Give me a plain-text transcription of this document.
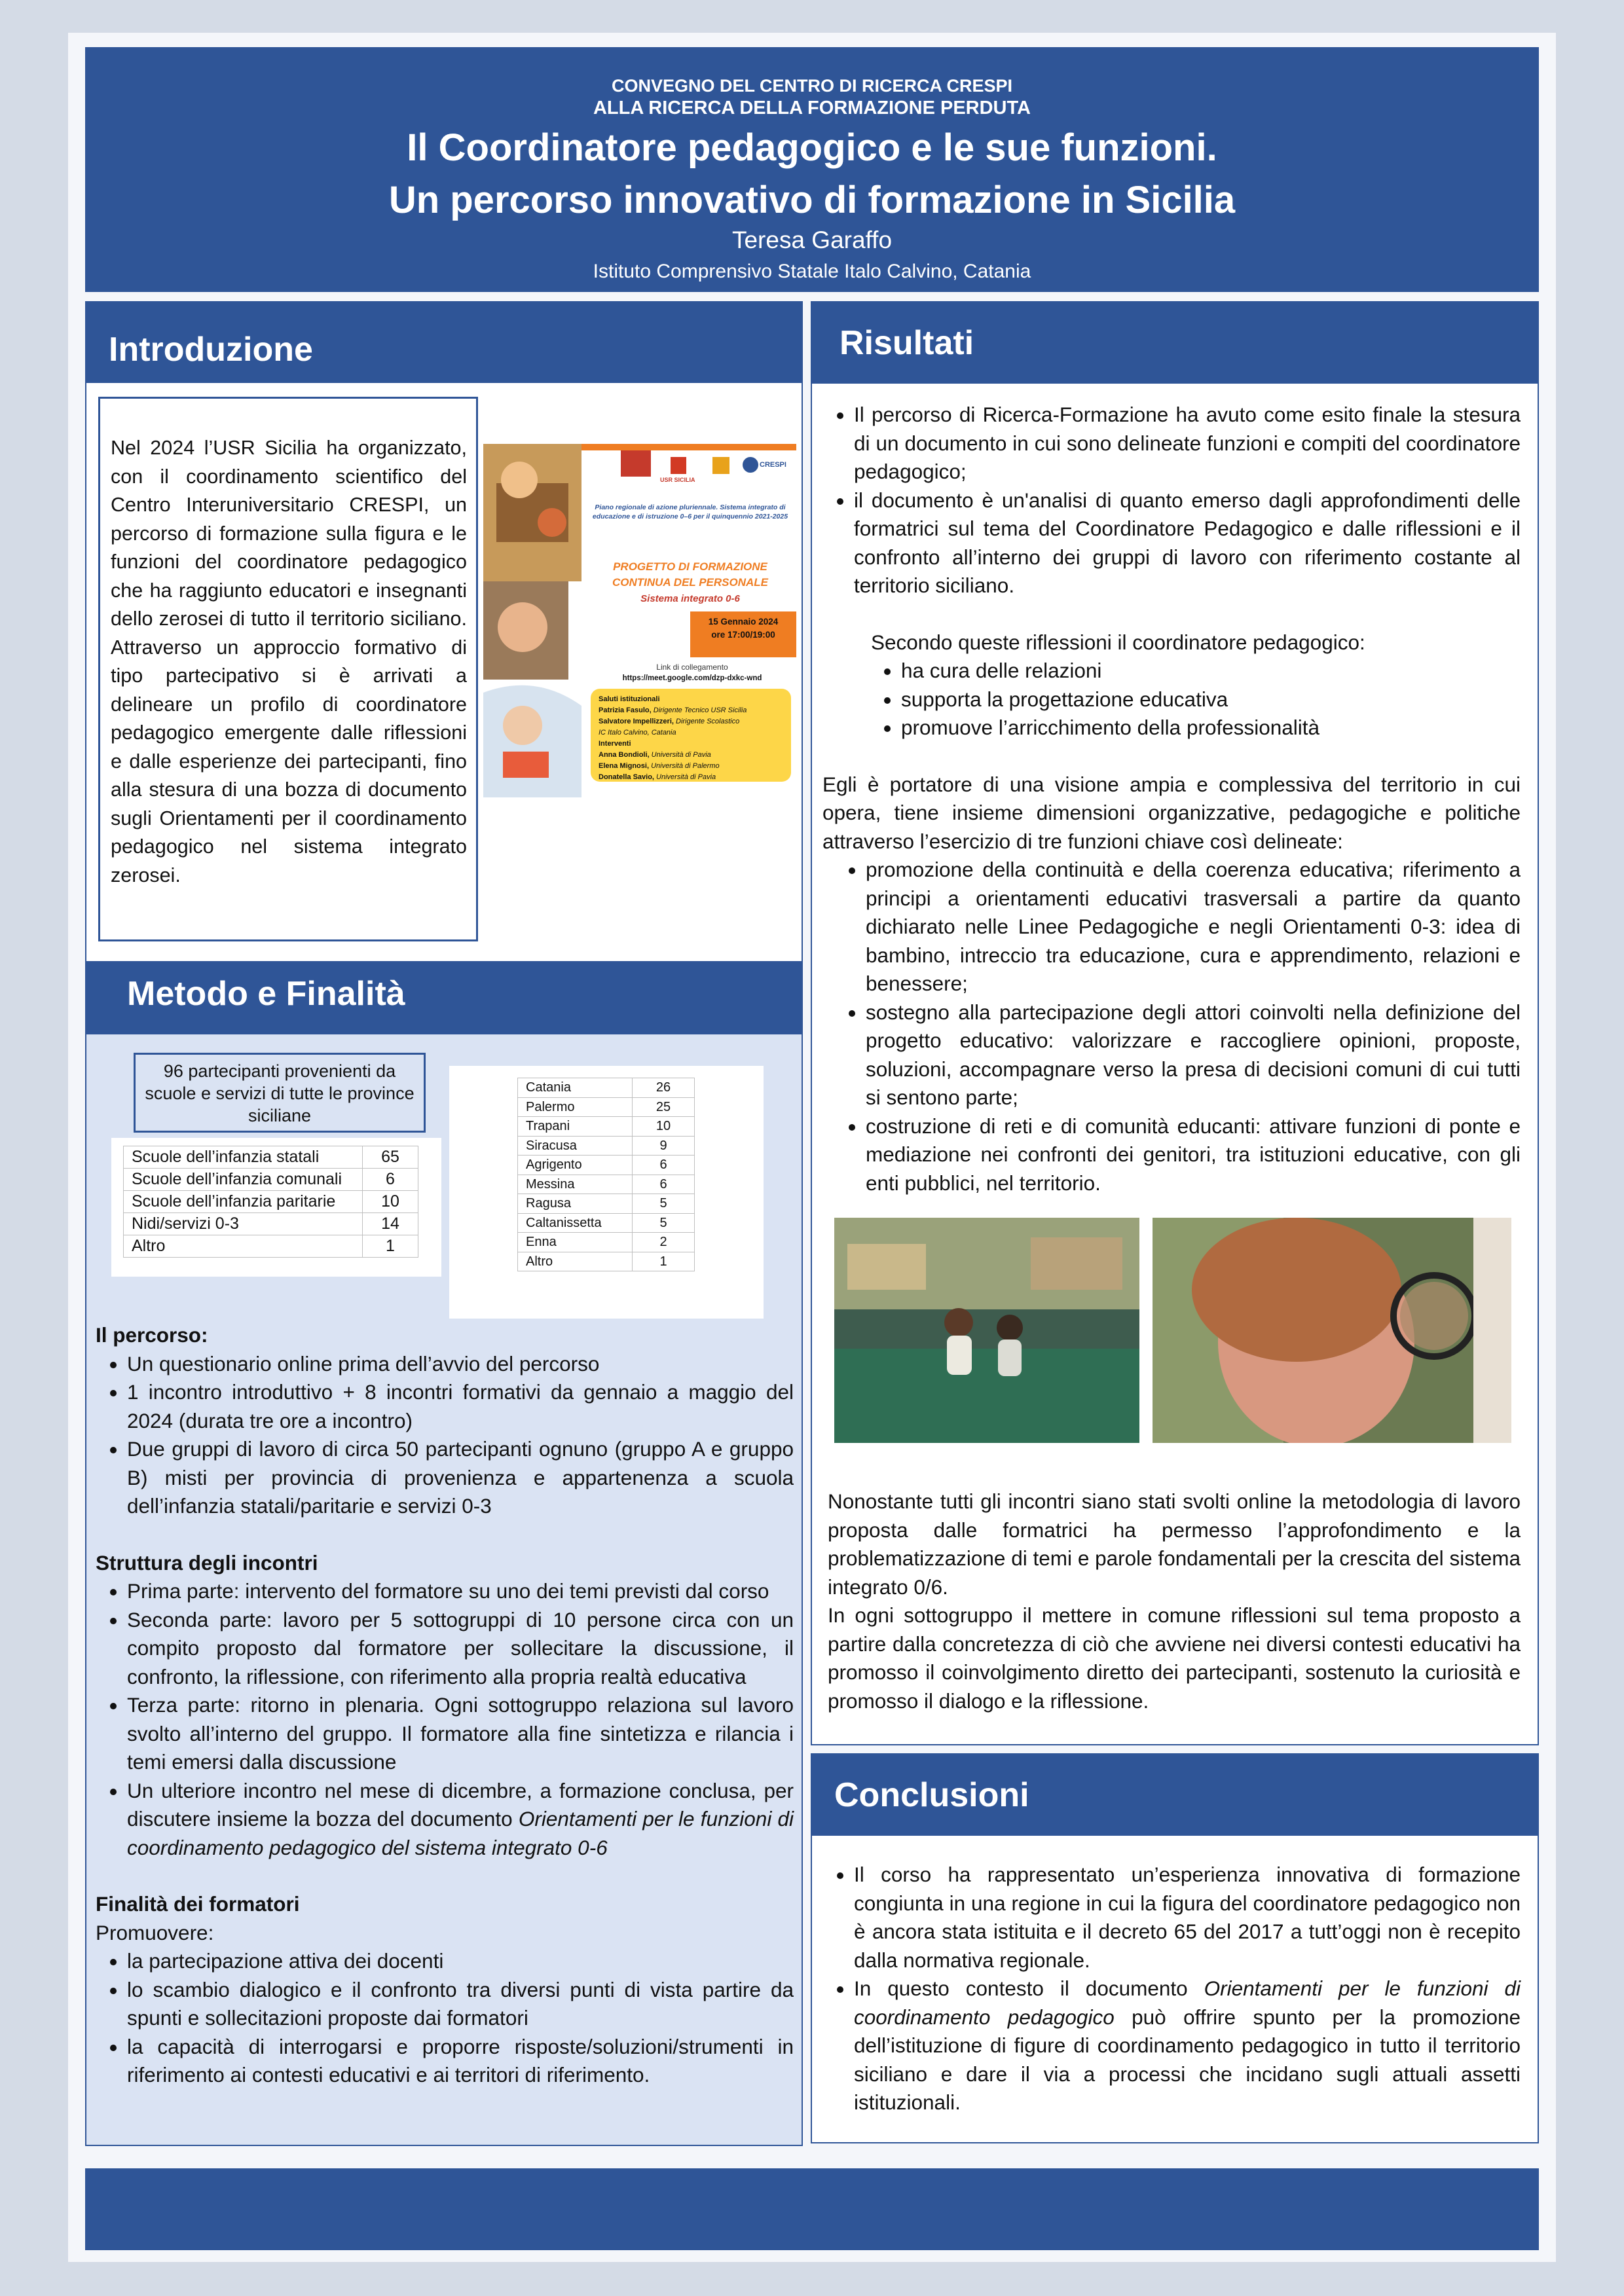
CONVEGNO DEL CENTRO DI RICERCA CRESPI
ALLA RICERCA DELLA FORMAZIONE PERDUTA
Il Coordinatore pedagogico e le sue funzioni.
Un percorso innovativo di formazione in Sicilia
Teresa Garaffo
Istituto Comprensivo Statale Italo Calvino, Catania
Introduzione
Nel 2024 l’USR Sicilia ha organizzato, con il coordinamento scientifico del Centro Interuniversitario CRESPI, un percorso di formazione sulla figura e le funzioni del coordinatore pedagogico che ha raggiunto educatori e insegnanti dello zerosei di tutto il territorio siciliano. Attraverso un approccio formativo di tipo partecipativo si è arrivati a delineare un profilo di coordinatore pedagogico emergente dalle riflessioni e dalle esperienze dei partecipanti, fino alla stesura di una bozza di documento sugli Orientamenti per il coordinamento pedagogico nel sistema integrato zerosei.
USR SICILIA
CRESPI
Piano regionale di azione pluriennale. Sistema integrato di educazione e di istruzione 0–6 per il quinquennio 2021-2025
PROGETTO DI FORMAZIONE
CONTINUA DEL PERSONALE
Sistema integrato 0-6
15 Gennaio 2024
ore 17:00/19:00
Link di collegamento
https://meet.google.com/dzp-dxkc-wnd
Saluti istituzionali
Patrizia Fasulo, Dirigente Tecnico USR Sicilia
Salvatore Impellizzeri, Dirigente Scolastico
IC Italo Calvino, Catania
Interventi
Anna Bondioli, Università di Pavia
Elena Mignosi, Università di Palermo
Donatella Savio, Università di Pavia
Metodo e Finalità
96 partecipanti provenienti da scuole e servizi di tutte le province siciliane
Scuole dell’infanzia statali	65
Scuole dell’infanzia comunali	6
Scuole dell’infanzia paritarie	10
Nidi/servizi 0-3	14
Altro	1
Catania	26
Palermo	25
Trapani	10
Siracusa	9
Agrigento	6
Messina	6
Ragusa	5
Caltanissetta	5
Enna	2
Altro	1
Il percorso:
• Un questionario online prima dell’avvio del percorso
• 1 incontro introduttivo + 8 incontri formativi da gennaio a maggio del 2024 (durata tre ore a incontro)
• Due gruppi di lavoro di circa 50 partecipanti ognuno (gruppo A e gruppo B) misti per provincia di provenienza e appartenenza a scuola dell’infanzia statali/paritarie e servizi 0-3
Struttura degli incontri
• Prima parte: intervento del formatore su uno dei temi previsti dal corso
• Seconda parte: lavoro per 5 sottogruppi di 10 persone circa con un compito proposto dal formatore per sollecitare la discussione, il confronto, la riflessione, con riferimento alla propria realtà educativa
• Terza parte: ritorno in plenaria. Ogni sottogruppo relaziona sul lavoro svolto all’interno del gruppo. Il formatore alla fine sintetizza e rilancia i temi emersi dalla discussione
• Un ulteriore incontro nel mese di dicembre, a formazione conclusa, per discutere insieme la bozza del documento Orientamenti per le funzioni di coordinamento pedagogico del sistema integrato 0-6
Finalità dei formatori
Promuovere:
• la partecipazione attiva dei docenti
• lo scambio dialogico e il confronto tra diversi punti di vista partire da spunti e sollecitazioni proposte dai formatori
• la capacità di interrogarsi e proporre risposte/soluzioni/strumenti in riferimento ai contesti educativi e ai territori di riferimento.
Risultati
• Il percorso di Ricerca-Formazione ha avuto come esito finale la stesura di un documento in cui sono delineate funzioni e compiti del coordinatore pedagogico;
• il documento è un'analisi di quanto emerso dagli approfondimenti delle formatrici sul tema del Coordinatore Pedagogico e dalle riflessioni e il confronto all’interno dei gruppi di lavoro con riferimento costante al territorio siciliano.
Secondo queste riflessioni il coordinatore pedagogico:
• ha cura delle relazioni
• supporta la progettazione educativa
• promuove l’arricchimento della professionalità
Egli è portatore di una visione ampia e complessiva del territorio in cui opera, tiene insieme dimensioni organizzative, pedagogiche e politiche attraverso l’esercizio di tre funzioni chiave così delineate:
• promozione della continuità e della coerenza educativa; riferimento a principi a orientamenti educativi trasversali a partire da quanto dichiarato nelle Linee Pedagogiche e negli Orientamenti 0-3: idea di bambino, intreccio tra educazione, cura e apprendimento, relazioni e benessere;
• sostegno alla partecipazione degli attori coinvolti nella definizione del progetto educativo: valorizzare e raccogliere opinioni, proposte, soluzioni, accompagnare verso la presa di decisioni comuni di cui tutti si sentono parte;
• costruzione di reti e di comunità educanti: attivare funzioni di ponte e mediazione nei confronti dei genitori, tra istituzioni educative, con gli enti pubblici, nel territorio.
Nonostante tutti gli incontri siano stati svolti online la metodologia di lavoro proposta dalle formatrici ha permesso l’approfondimento e la problematizzazione di temi e parole fondamentali per la crescita del sistema integrato 0/6.
In ogni sottogruppo il mettere in comune riflessioni sul tema proposto a partire dalla concretezza di ciò che avviene nei diversi contesti educativi ha promosso il coinvolgimento diretto dei partecipanti, sostenuto la curiosità e promosso il dialogo e la riflessione.
Conclusioni
• Il corso ha rappresentato un’esperienza innovativa di formazione congiunta in una regione in cui la figura del coordinatore pedagogico non è ancora stata istituita e il decreto 65 del 2017 a tutt’oggi non è recepito dalla normativa regionale.
• In questo contesto il documento Orientamenti per le funzioni di coordinamento pedagogico può offrire spunto per la promozione dell’istituzione di figure di coordinamento pedagogico in tutto il territorio siciliano e dare il via a processi che incidano sugli attuali assetti istituzionali.
